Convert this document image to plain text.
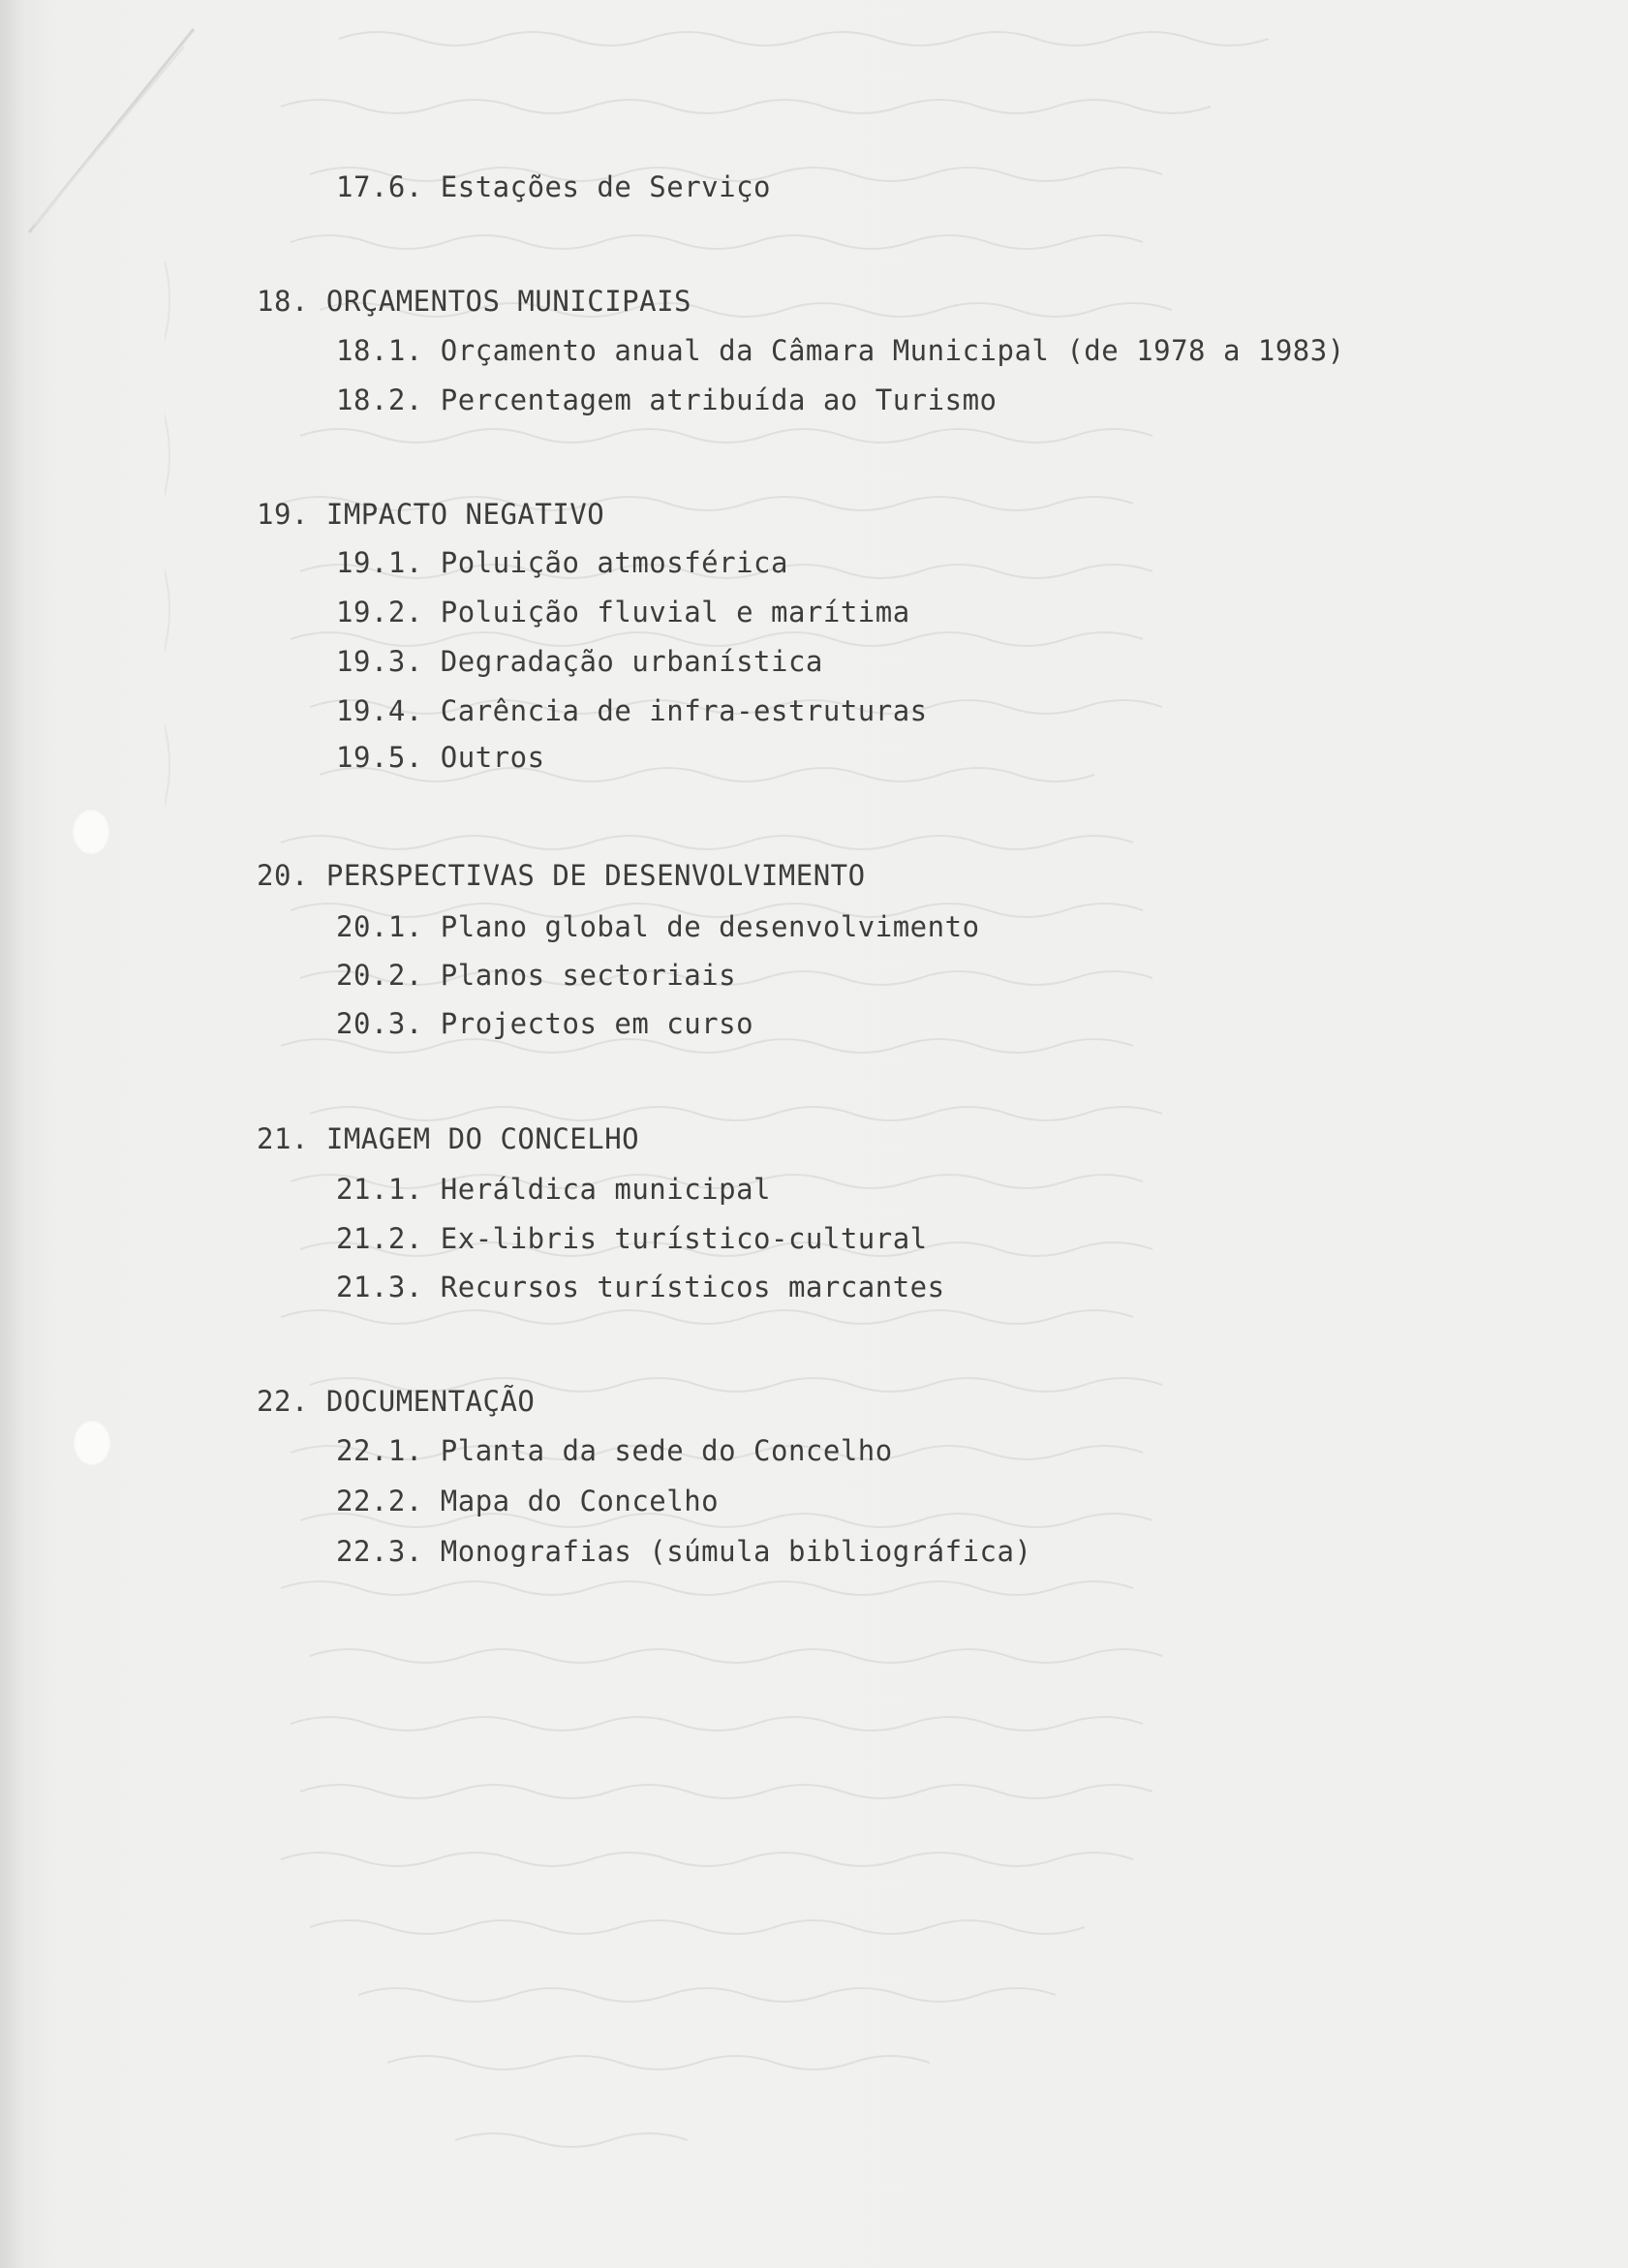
17.6. Estações de Serviço
18. ORÇAMENTOS MUNICIPAIS
18.1. Orçamento anual da Câmara Municipal (de 1978 a 1983)
18.2. Percentagem atribuída ao Turismo
19. IMPACTO NEGATIVO
19.1. Poluição atmosférica
19.2. Poluição fluvial e marítima
19.3. Degradação urbanística
19.4. Carência de infra-estruturas
19.5. Outros
20. PERSPECTIVAS DE DESENVOLVIMENTO
20.1. Plano global de desenvolvimento
20.2. Planos sectoriais
20.3. Projectos em curso
21. IMAGEM DO CONCELHO
21.1. Heráldica municipal
21.2. Ex-libris turístico-cultural
21.3. Recursos turísticos marcantes
22. DOCUMENTAÇÃO
22.1. Planta da sede do Concelho
22.2. Mapa do Concelho
22.3. Monografias (súmula bibliográfica)
